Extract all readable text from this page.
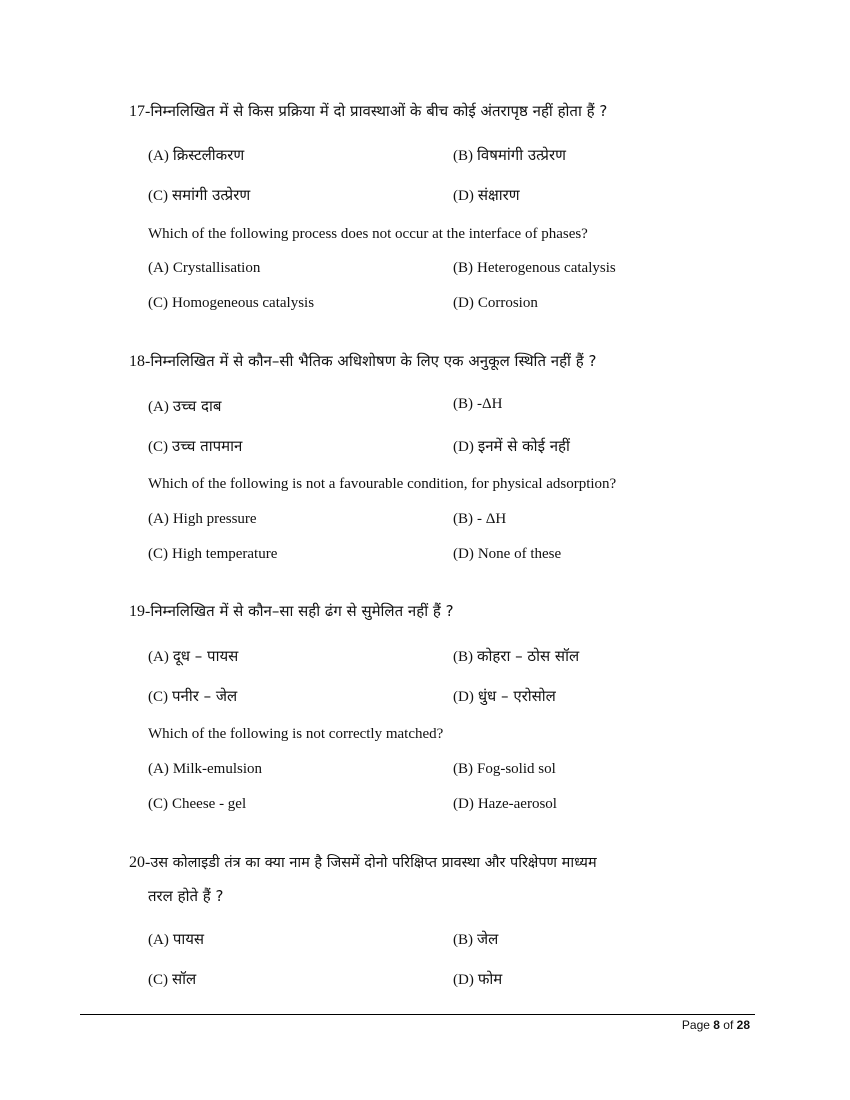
17-निम्नलिखित में से किस प्रक्रिया में दो प्रावस्थाओं के बीच कोई अंतरापृष्ठ नहीं होता हैं ?
(A) क्रिस्टलीकरण	(B) विषमांगी उत्प्रेरण
(C) समांगी उत्प्रेरण	(D) संक्षारण
Which of the following process does not occur at the interface of phases?
(A) Crystallisation	(B) Heterogenous catalysis
(C) Homogeneous catalysis	(D) Corrosion
18-निम्नलिखित में से कौन–सी भैतिक अधिशोषण के लिए एक अनुकूल स्थिति नहीं हैं ?
(A) उच्च दाब	(B) -ΔH
(C) उच्च तापमान	(D) इनमें से कोई नहीं
Which of the following is not a favourable condition, for physical adsorption?
(A) High pressure	(B) - ΔH
(C) High temperature	(D) None of these
19-निम्नलिखित में से कौन–सा सही ढंग से सुमेलित नहीं हैं ?
(A) दूध – पायस	(B) कोहरा – ठोस सॉल
(C) पनीर – जेल	(D) धुंध – एरोसोल
Which of the following is not correctly matched?
(A) Milk-emulsion	(B) Fog-solid sol
(C) Cheese - gel	(D) Haze-aerosol
20-उस कोलाइडी तंत्र का क्या नाम है जिसमें दोनो परिक्षिप्त प्रावस्था और परिक्षेपण माध्यम
तरल होते हैं ?
(A) पायस	(B) जेल
(C) सॉल	(D) फोम
Page 8 of 28
